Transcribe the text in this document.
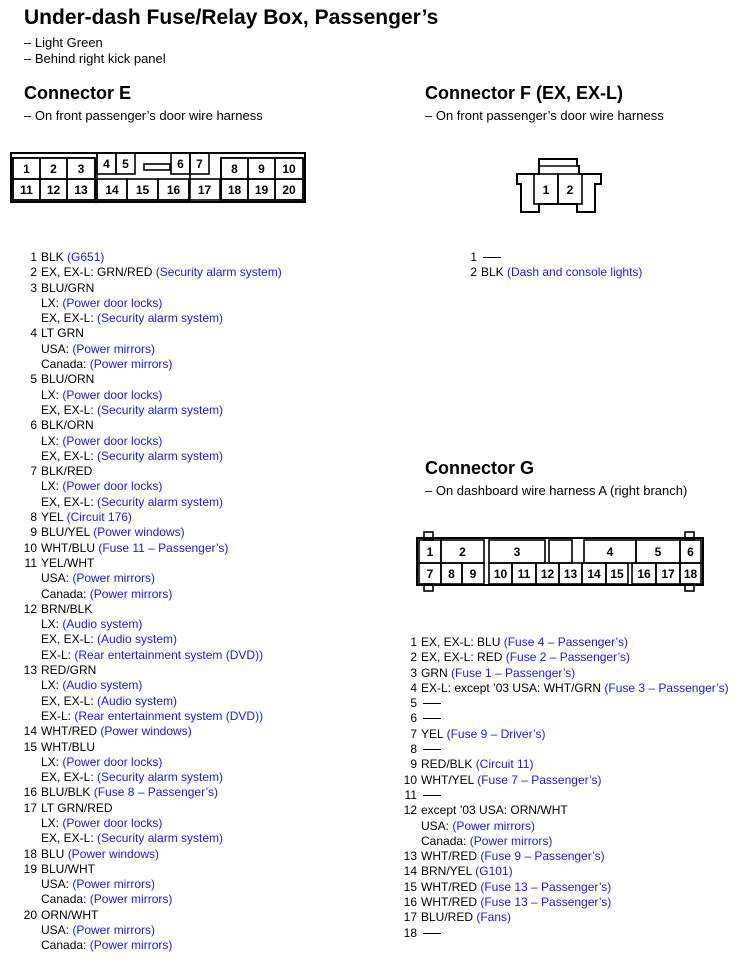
Under-dash Fuse/Relay Box, Passenger’s
– Light Green
– Behind right kick panel
Connector E
– On front passenger’s door wire harness
1 2 3 4 5	6 7 8 9 10
11 12 13 14 15 16 17 18 19 20
1 BLK (G651)
2 EX, EX-L: GRN/RED (Security alarm system)
3 BLU/GRN
LX: (Power door locks)
EX, EX-L: (Security alarm system)
4 LT GRN
USA: (Power mirrors)
Canada: (Power mirrors)
5 BLU/ORN
LX: (Power door locks)
EX, EX-L: (Security alarm system)
6 BLK/ORN
LX: (Power door locks)
EX, EX-L: (Security alarm system)
7 BLK/RED
LX: (Power door locks)
EX, EX-L: (Security alarm system)
8 YEL (Circuit 176)
9 BLU/YEL (Power windows)
10 WHT/BLU (Fuse 11 – Passenger’s)
11 YEL/WHT
USA: (Power mirrors)
Canada: (Power mirrors)
12 BRN/BLK
LX: (Audio system)
EX, EX-L: (Audio system)
EX-L: (Rear entertainment system (DVD))
13 RED/GRN
LX: (Audio system)
EX, EX-L: (Audio system)
EX-L: (Rear entertainment system (DVD))
14 WHT/RED (Power windows)
15 WHT/BLU
LX: (Power door locks)
EX, EX-L: (Security alarm system)
16 BLU/BLK (Fuse 8 – Passenger’s)
17 LT GRN/RED
LX: (Power door locks)
EX, EX-L: (Security alarm system)
18 BLU (Power windows)
19 BLU/WHT
USA: (Power mirrors)
Canada: (Power mirrors)
20 ORN/WHT
USA: (Power mirrors)
Canada: (Power mirrors)
Connector F (EX, EX-L)
– On front passenger’s door wire harness
1 2
1
2 BLK (Dash and console lights)
Connector G
– On dashboard wire harness A (right branch)
1 2	3	4	5 6
7 8 9 10 11 12 13 14 15 16 17 18
1 EX, EX-L: BLU (Fuse 4 – Passenger’s)
2 EX, EX-L: RED (Fuse 2 – Passenger’s)
3 GRN (Fuse 1 – Passenger’s)
4 EX-L: except ’03 USA: WHT/GRN (Fuse 3 – Passenger’s)
5
6
7 YEL (Fuse 9 – Driver’s)
8
9 RED/BLK (Circuit 11)
10 WHT/YEL (Fuse 7 – Passenger’s)
11
12 except ’03 USA: ORN/WHT
USA: (Power mirrors)
Canada: (Power mirrors)
13 WHT/RED (Fuse 9 – Passenger’s)
14 BRN/YEL (G101)
15 WHT/RED (Fuse 13 – Passenger’s)
16 WHT/RED (Fuse 13 – Passenger’s)
17 BLU/RED (Fans)
18
